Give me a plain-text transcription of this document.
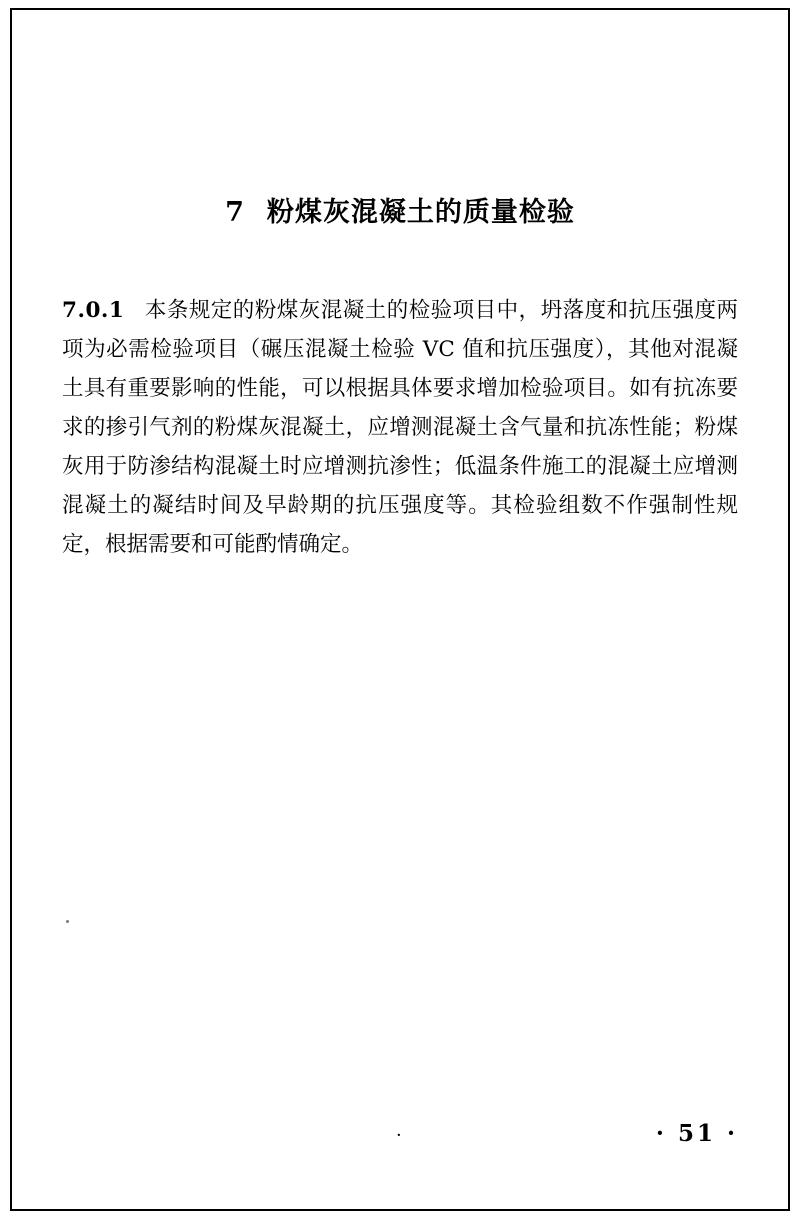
7 粉煤灰混凝土的质量检验
7.0.1 本条规定的粉煤灰混凝土的检验项目中，坍落度和抗压强度两项为必需检验项目（碾压混凝土检验 VC 值和抗压强度），其他对混凝土具有重要影响的性能，可以根据具体要求增加检验项目。如有抗冻要求的掺引气剂的粉煤灰混凝土，应增测混凝土含气量和抗冻性能；粉煤灰用于防渗结构混凝土时应增测抗渗性；低温条件施工的混凝土应增测混凝土的凝结时间及早龄期的抗压强度等。其检验组数不作强制性规定，根据需要和可能酌情确定。
·	· 51 ·
